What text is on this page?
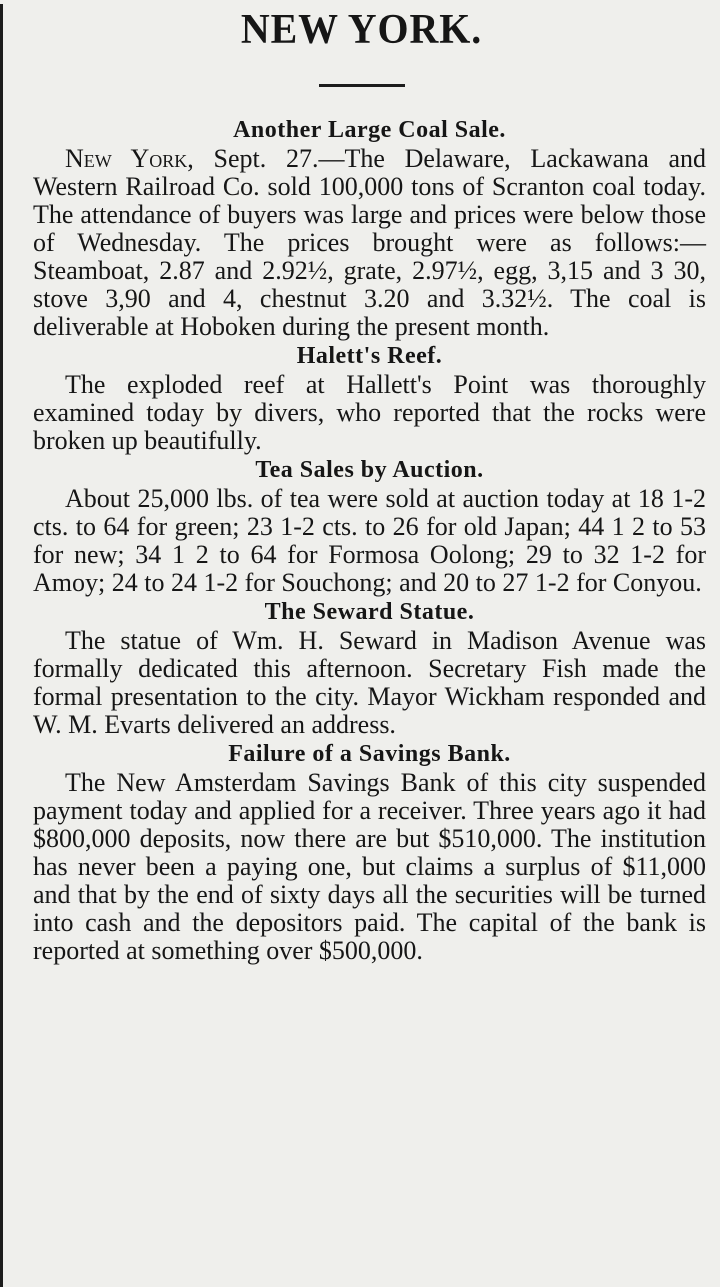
NEW YORK.
Another Large Coal Sale.

New York, Sept. 27.—The Delaware, Lackawana and Western Railroad Co. sold 100,000 tons of Scranton coal today. The attendance of buyers was large and prices were below those of Wednesday. The prices brought were as follows:—Steamboat, 2.87 and 2.92½, grate, 2.97½, egg, 3,15 and 3 30, stove 3,90 and 4, chestnut 3.20 and 3.32½. The coal is deliverable at Hoboken during the present month.

Halett's Reef.

The exploded reef at Hallett's Point was thoroughly examined today by divers, who reported that the rocks were broken up beautifully.

Tea Sales by Auction.

About 25,000 lbs. of tea were sold at auction today at 18 1-2 cts. to 64 for green; 23 1-2 cts. to 26 for old Japan; 44 1 2 to 53 for new; 34 1 2 to 64 for Formosa Oolong; 29 to 32 1-2 for Amoy; 24 to 24 1-2 for Souchong; and 20 to 27 1-2 for Conyou.

The Seward Statue.

The statue of Wm. H. Seward in Madison Avenue was formally dedicated this afternoon. Secretary Fish made the formal presentation to the city. Mayor Wickham responded and W. M. Evarts delivered an address.

Failure of a Savings Bank.

The New Amsterdam Savings Bank of this city suspended payment today and applied for a receiver. Three years ago it had $800,000 deposits, now there are but $510,000. The institution has never been a paying one, but claims a surplus of $11,000 and that by the end of sixty days all the securities will be turned into cash and the depositors paid. The capital of the bank is reported at something over $500,000.
